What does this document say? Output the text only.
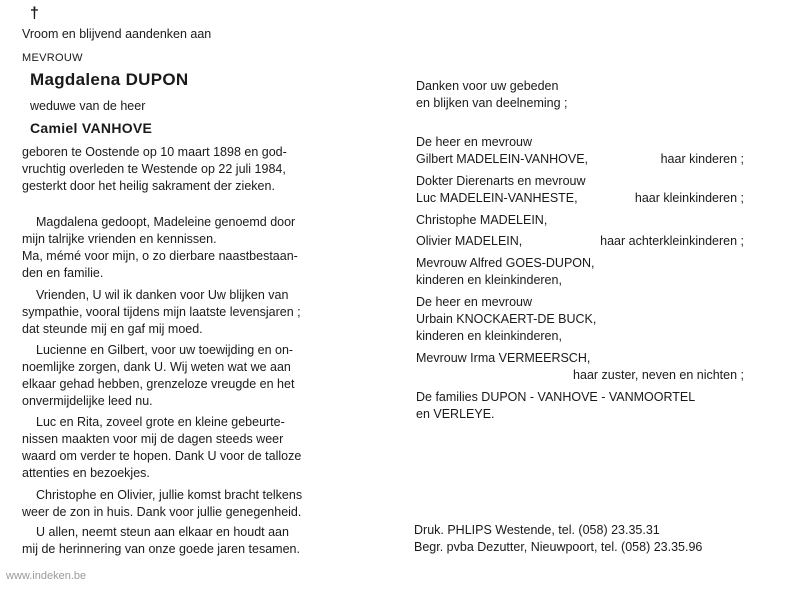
†
Vroom en blijvend aandenken aan
MEVROUW
Magdalena DUPON
weduwe van de heer
Camiel VANHOVE
geboren te Oostende op 10 maart 1898 en god-
vruchtig overleden te Westende op 22 juli 1984,
gesterkt door het heilig sakrament der zieken.
Magdalena gedoopt, Madeleine genoemd door
mijn talrijke vrienden en kennissen.
Ma, mémé voor mijn, o zo dierbare naastbestaan-
den en familie.
Vrienden, U wil ik danken voor Uw blijken van
sympathie, vooral tijdens mijn laatste levensjaren ;
dat steunde mij en gaf mij moed.
Lucienne en Gilbert, voor uw toewijding en on-
noemlijke zorgen, dank U. Wij weten wat we aan
elkaar gehad hebben, grenzeloze vreugde en het
onvermijdelijke leed nu.
Luc en Rita, zoveel grote en kleine gebeurte-
nissen maakten voor mij de dagen steeds weer
waard om verder te hopen. Dank U voor de talloze
attenties en bezoekjes.
Christophe en Olivier, jullie komst bracht telkens
weer de zon in huis. Dank voor jullie genegenheid.
U allen, neemt steun aan elkaar en houdt aan
mij de herinnering van onze goede jaren tesamen.
Danken voor uw gebeden
en blijken van deelneming ;
De heer en mevrouw
Gilbert MADELEIN-VANHOVE,	haar kinderen ;
Dokter Dierenarts en mevrouw
Luc MADELEIN-VANHESTE,	haar kleinkinderen ;
Christophe MADELEIN,
Olivier MADELEIN,	haar achterkleinkinderen ;
Mevrouw Alfred GOES-DUPON,
kinderen en kleinkinderen,
De heer en mevrouw
Urbain KNOCKAERT-DE BUCK,
kinderen en kleinkinderen,
Mevrouw Irma VERMEERSCH,
haar zuster, neven en nichten ;
De families DUPON - VANHOVE - VANMOORTEL
en VERLEYE.
Druk. PHLIPS Westende, tel. (058) 23.35.31
Begr. pvba Dezutter, Nieuwpoort, tel. (058) 23.35.96
www.indeken.be
